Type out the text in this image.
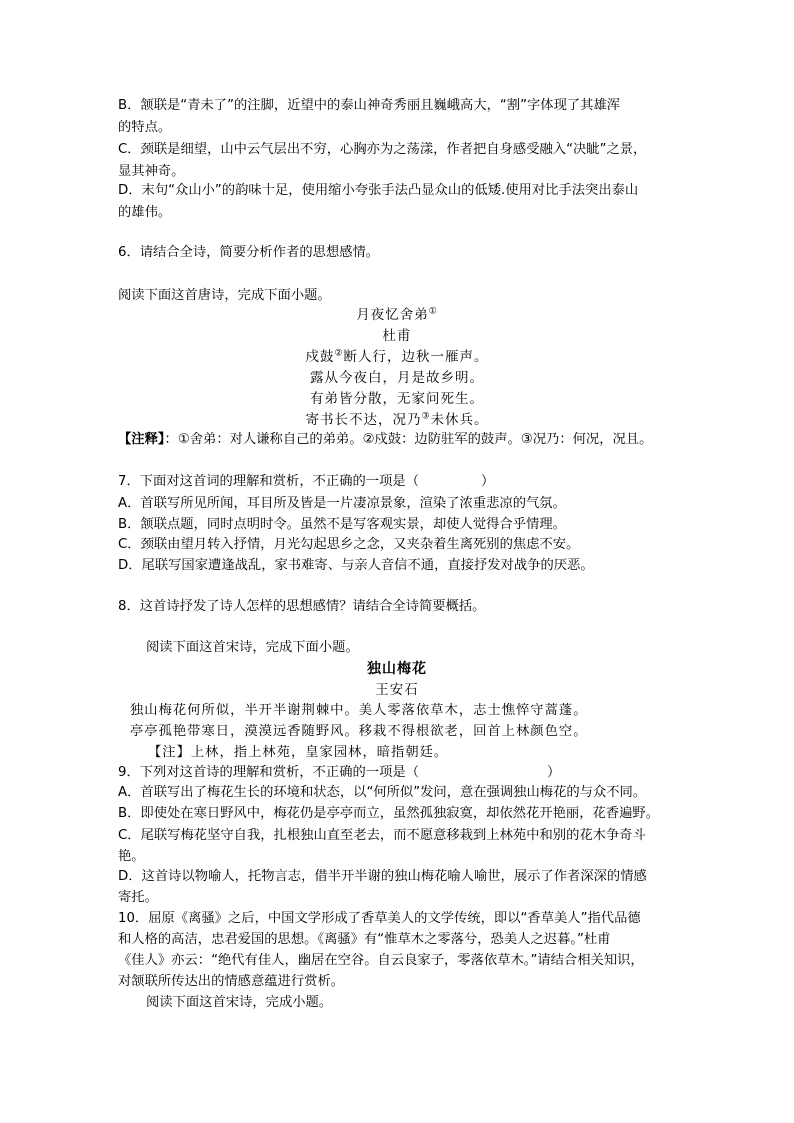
B．颔联是“青未了”的注脚，近望中的泰山神奇秀丽且巍峨高大，“割”字体现了其雄浑
的特点。
C．颈联是细望，山中云气层出不穷，心胸亦为之荡漾，作者把自身感受融入“决眦”之景，
显其神奇。
D．末句“众山小”的韵味十足，使用缩小夸张手法凸显众山的低矮.使用对比手法突出泰山
的雄伟。
6．请结合全诗，简要分析作者的思想感情。
阅读下面这首唐诗，完成下面小题。
月夜忆舍弟①
杜甫
戍鼓②断人行，边秋一雁声。
露从今夜白，月是故乡明。
有弟皆分散，无家问死生。
寄书长不达，况乃③未休兵。
【注释】：①舍弟：对人谦称自己的弟弟。②戍鼓：边防驻军的鼓声。③况乃：何况，况且。
7．下面对这首词的理解和赏析，不正确的一项是（	）
A．首联写所见所闻，耳目所及皆是一片凄凉景象，渲染了浓重悲凉的气氛。
B．颔联点题，同时点明时令。虽然不是写客观实景，却使人觉得合乎情理。
C．颈联由望月转入抒情，月光勾起思乡之念，又夹杂着生离死别的焦虑不安。
D．尾联写国家遭逢战乱，家书难寄、与亲人音信不通，直接抒发对战争的厌恶。
8．这首诗抒发了诗人怎样的思想感情？请结合全诗简要概括。
阅读下面这首宋诗，完成下面小题。
独山梅花
王安石
独山梅花何所似，半开半谢荆棘中。美人零落依草木，志士憔悴守蒿蓬。
亭亭孤艳带寒日，漠漠远香随野风。移栽不得根欲老，回首上林颜色空。
【注】上林，指上林苑，皇家园林，暗指朝廷。
9．下列对这首诗的理解和赏析，不正确的一项是（	）
A．首联写出了梅花生长的环境和状态，以“何所似”发问，意在强调独山梅花的与众不同。
B．即使处在寒日野风中，梅花仍是亭亭而立，虽然孤独寂寞，却依然花开艳丽，花香遍野。
C．尾联写梅花坚守自我，扎根独山直至老去，而不愿意移栽到上林苑中和别的花木争奇斗
艳。
D．这首诗以物喻人，托物言志，借半开半谢的独山梅花喻人喻世，展示了作者深深的情感
寄托。
10．屈原《离骚》之后，中国文学形成了香草美人的文学传统，即以“香草美人”指代品德
和人格的高洁，忠君爱国的思想。《离骚》有“惟草木之零落兮，恐美人之迟暮。”杜甫
《佳人》亦云：“绝代有佳人，幽居在空谷。自云良家子，零落依草木。”请结合相关知识，
对颔联所传达出的情感意蕴进行赏析。
阅读下面这首宋诗，完成小题。
